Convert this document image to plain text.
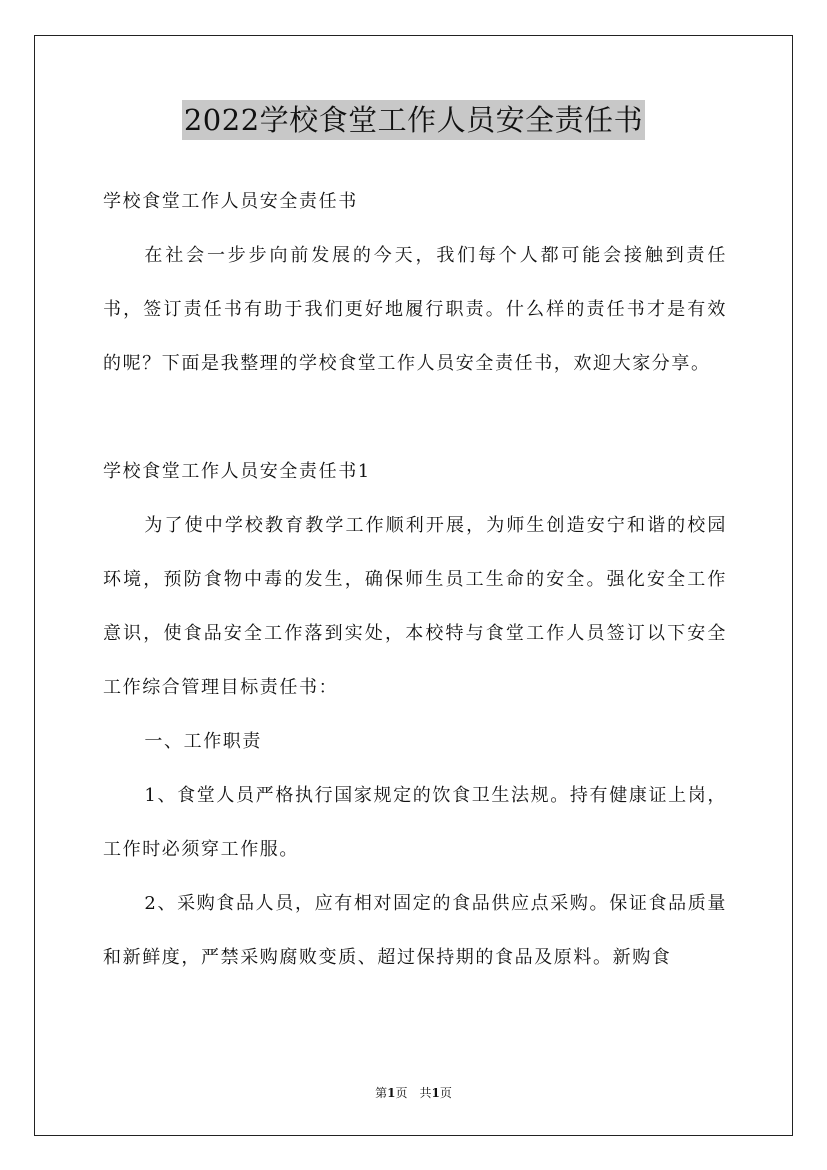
2022学校食堂工作人员安全责任书
学校食堂工作人员安全责任书

在社会一步步向前发展的今天，我们每个人都可能会接触到责任书，签订责任书有助于我们更好地履行职责。什么样的责任书才是有效的呢？下面是我整理的学校食堂工作人员安全责任书，欢迎大家分享。

学校食堂工作人员安全责任书1

为了使中学校教育教学工作顺利开展，为师生创造安宁和谐的校园环境，预防食物中毒的发生，确保师生员工生命的安全。强化安全工作意识，使食品安全工作落到实处，本校特与食堂工作人员签订以下安全工作综合管理目标责任书：

一、工作职责

1、食堂人员严格执行国家规定的饮食卫生法规。持有健康证上岗，工作时必须穿工作服。

2、采购食品人员，应有相对固定的食品供应点采购。保证食品质量和新鲜度，严禁采购腐败变质、超过保持期的食品及原料。新购食

第1页　共1页
